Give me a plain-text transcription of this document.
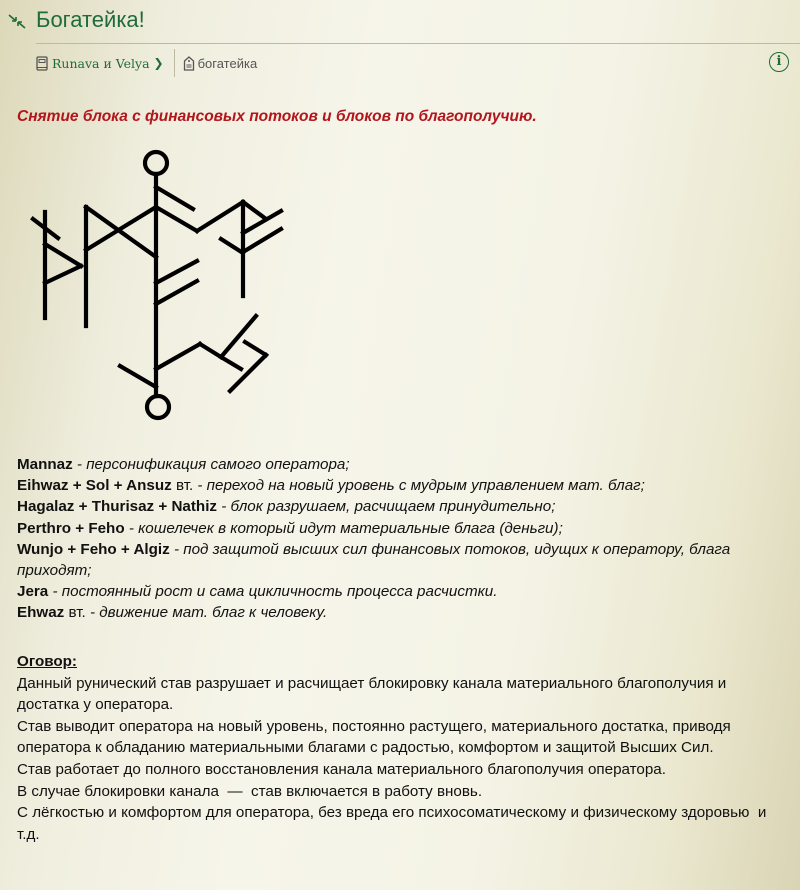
Богатейка!
Runava и Velya ❯	богатейка	i
Снятие блока с финансовых потоков и блоков по благополучию.
Mannaz - персонификация самого оператора;
Eihwaz + Sol + Ansuz вт. - переход на новый уровень с мудрым управлением мат. благ;
Hagalaz + Thurisaz + Nathiz - блок разрушаем, расчищаем принудительно;
Perthro + Feho - кошелечек в который идут материальные блага (деньги);
Wunjo + Feho + Algiz - под защитой высших сил финансовых потоков, идущих к оператору, блага приходят;
Jera - постоянный рост и сама цикличность процесса расчистки.
Ehwaz вт. - движение мат. благ к человеку.
Оговор:
Данный рунический став разрушает и расчищает блокировку канала материального благополучия и достатка у оператора.
Став выводит оператора на новый уровень, постоянно растущего, материального достатка, приводя оператора к обладанию материальными благами с радостью, комфортом и защитой Высших Сил.
Став работает до полного восстановления канала материального благополучия оператора.
В случае блокировки канала  —  став включается в работу вновь.
С лёгкостью и комфортом для оператора, без вреда его психосоматическому и физическому здоровью  и т.д.
